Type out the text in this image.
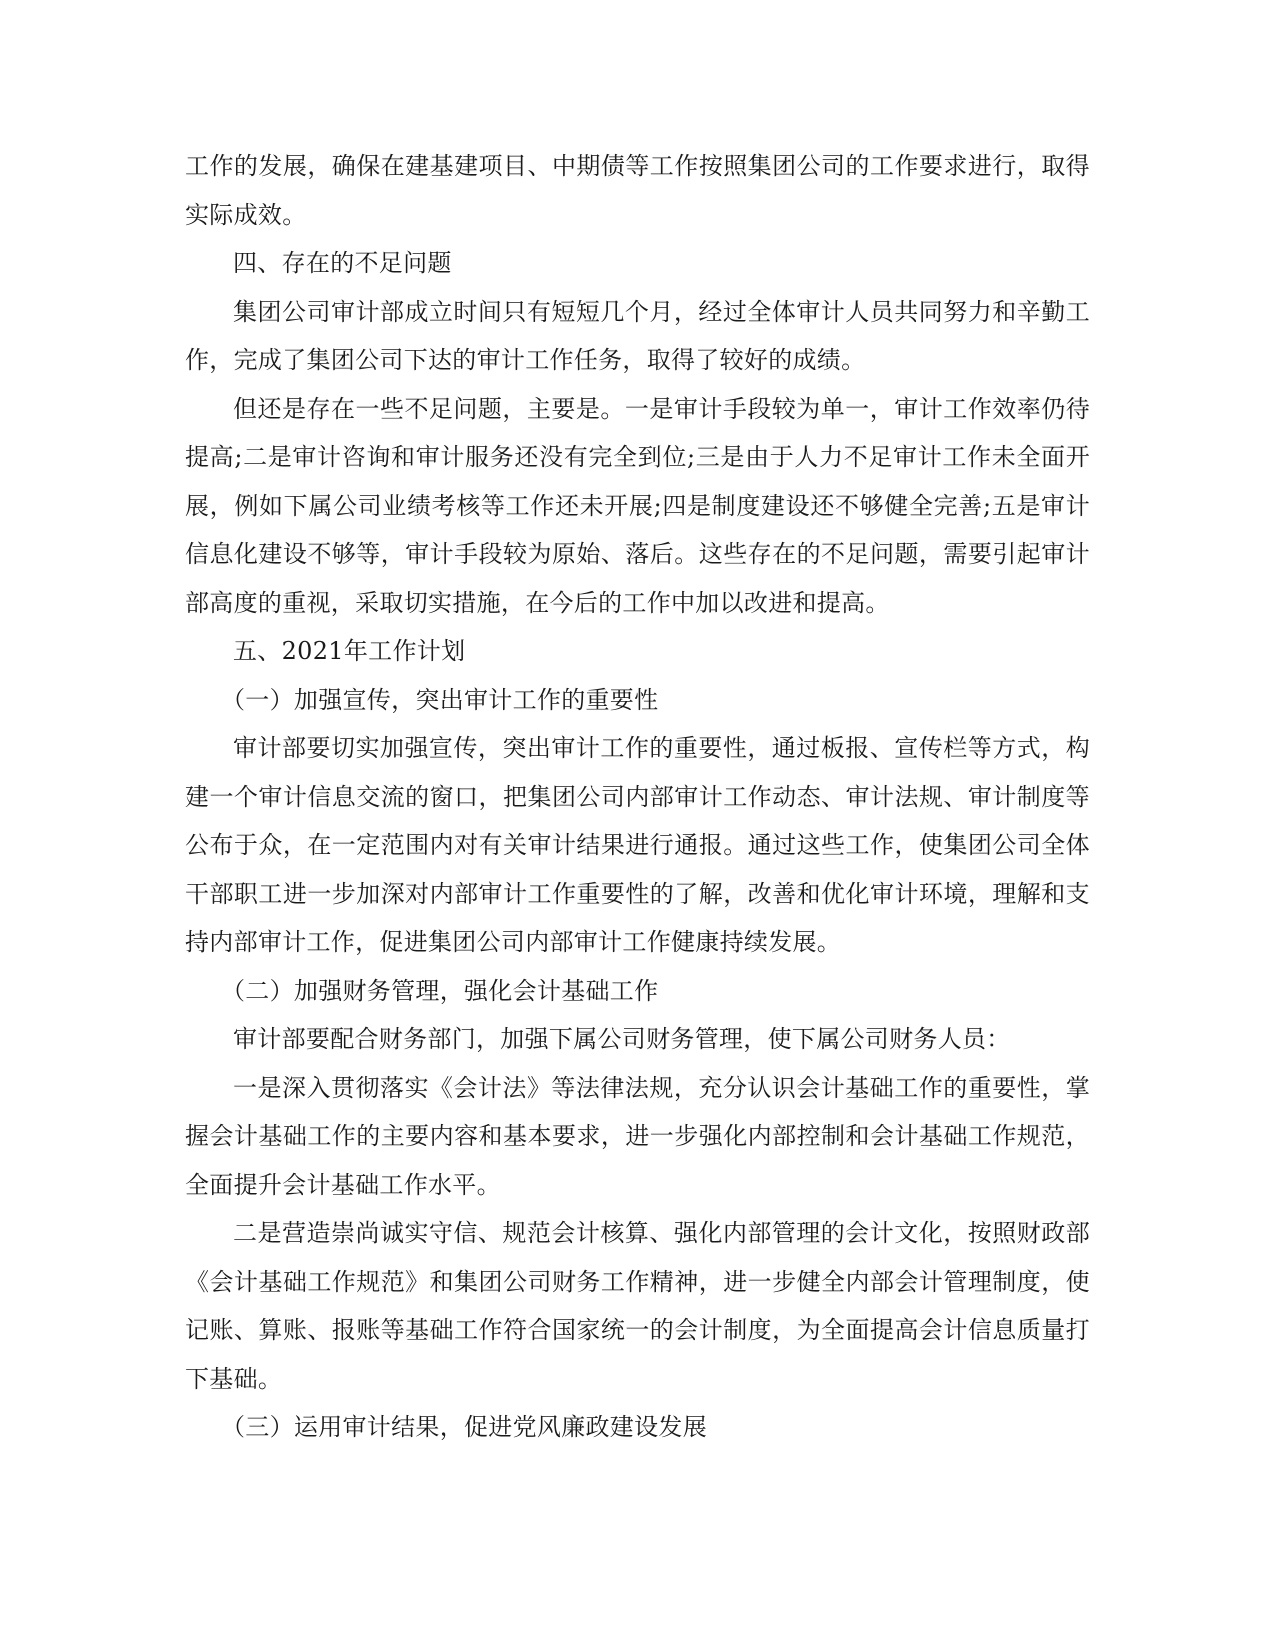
工作的发展，确保在建基建项目、中期债等工作按照集团公司的工作要求进行，取得实际成效。

四、存在的不足问题

集团公司审计部成立时间只有短短几个月，经过全体审计人员共同努力和辛勤工作，完成了集团公司下达的审计工作任务，取得了较好的成绩。

但还是存在一些不足问题，主要是。一是审计手段较为单一，审计工作效率仍待提高;二是审计咨询和审计服务还没有完全到位;三是由于人力不足审计工作未全面开展，例如下属公司业绩考核等工作还未开展;四是制度建设还不够健全完善;五是审计信息化建设不够等，审计手段较为原始、落后。这些存在的不足问题，需要引起审计部高度的重视，采取切实措施，在今后的工作中加以改进和提高。

五、2021年工作计划

（一）加强宣传，突出审计工作的重要性

审计部要切实加强宣传，突出审计工作的重要性，通过板报、宣传栏等方式，构建一个审计信息交流的窗口，把集团公司内部审计工作动态、审计法规、审计制度等公布于众，在一定范围内对有关审计结果进行通报。通过这些工作，使集团公司全体干部职工进一步加深对内部审计工作重要性的了解，改善和优化审计环境，理解和支持内部审计工作，促进集团公司内部审计工作健康持续发展。

（二）加强财务管理，强化会计基础工作

审计部要配合财务部门，加强下属公司财务管理，使下属公司财务人员：

一是深入贯彻落实《会计法》等法律法规，充分认识会计基础工作的重要性，掌握会计基础工作的主要内容和基本要求，进一步强化内部控制和会计基础工作规范，全面提升会计基础工作水平。

二是营造崇尚诚实守信、规范会计核算、强化内部管理的会计文化，按照财政部《会计基础工作规范》和集团公司财务工作精神，进一步健全内部会计管理制度，使记账、算账、报账等基础工作符合国家统一的会计制度，为全面提高会计信息质量打下基础。

（三）运用审计结果，促进党风廉政建设发展
